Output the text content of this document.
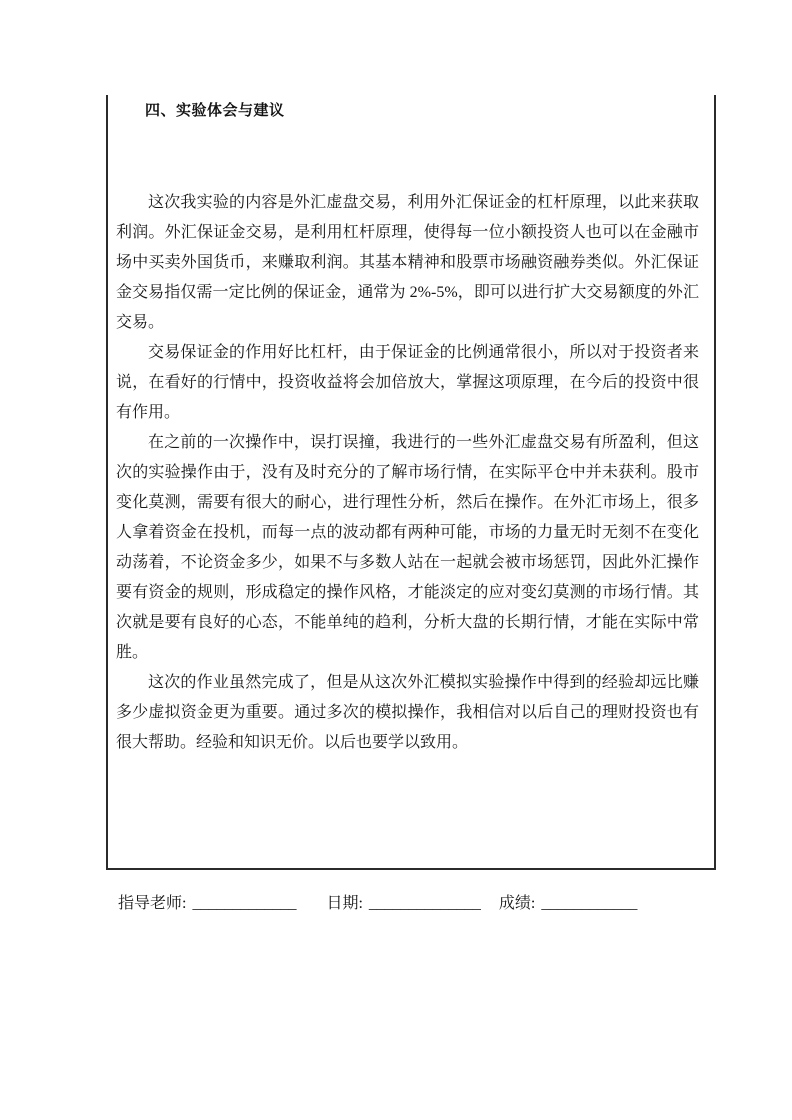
四、实验体会与建议

这次我实验的内容是外汇虚盘交易，利用外汇保证金的杠杆原理，以此来获取利润。外汇保证金交易，是利用杠杆原理，使得每一位小额投资人也可以在金融市场中买卖外国货币，来赚取利润。其基本精神和股票市场融资融券类似。外汇保证金交易指仅需一定比例的保证金，通常为 2%-5%，即可以进行扩大交易额度的外汇交易。

交易保证金的作用好比杠杆，由于保证金的比例通常很小，所以对于投资者来说，在看好的行情中，投资收益将会加倍放大，掌握这项原理，在今后的投资中很有作用。

在之前的一次操作中，误打误撞，我进行的一些外汇虚盘交易有所盈利，但这次的实验操作由于，没有及时充分的了解市场行情，在实际平仓中并未获利。股市变化莫测，需要有很大的耐心，进行理性分析，然后在操作。在外汇市场上，很多人拿着资金在投机，而每一点的波动都有两种可能，市场的力量无时无刻不在变化动荡着，不论资金多少，如果不与多数人站在一起就会被市场惩罚，因此外汇操作要有资金的规则，形成稳定的操作风格，才能淡定的应对变幻莫测的市场行情。其次就是要有良好的心态，不能单纯的趋利，分析大盘的长期行情，才能在实际中常胜。

这次的作业虽然完成了，但是从这次外汇模拟实验操作中得到的经验却远比赚多少虚拟资金更为重要。通过多次的模拟操作，我相信对以后自己的理财投资也有很大帮助。经验和知识无价。以后也要学以致用。

指导老师: _____________ 日期: ______________ 成绩: ____________
